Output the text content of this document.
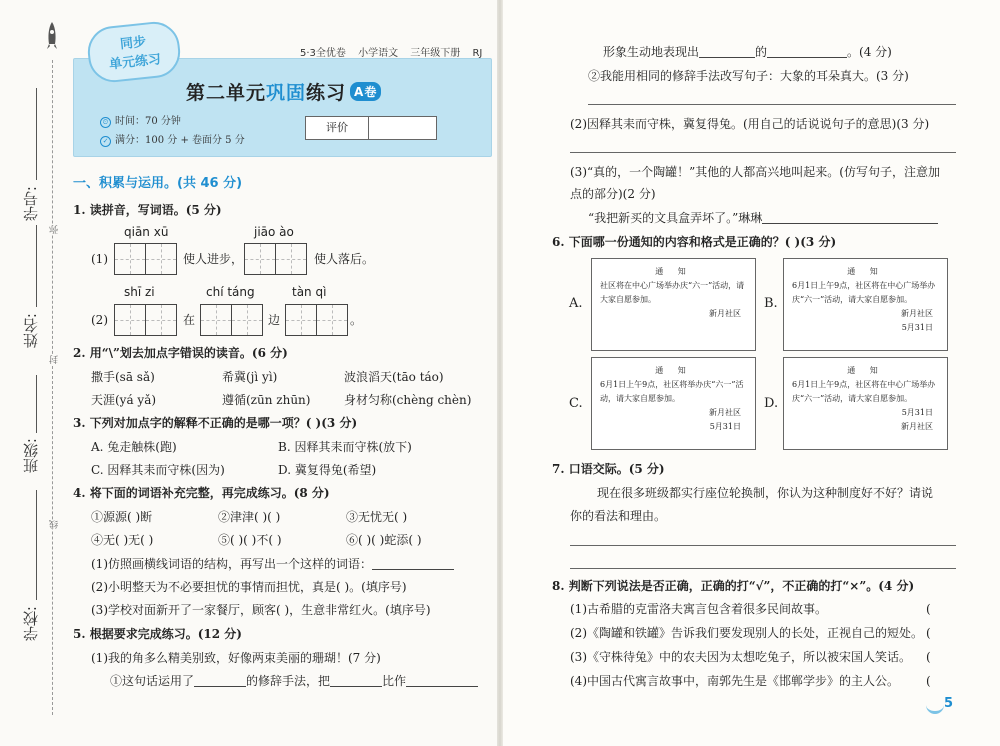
弥
封
线
学号:
姓名:
班级:
学校:
同步
单元练习	5·3全优卷 小学语文 三年级下册 RJ
第二单元巩固练习 A卷
⏲ 时间：70 分钟
✓ 满分：100 分 + 卷面分 5 分
评价
一、积累与运用。(共 46 分)
1. 读拼音，写词语。(5 分)
qiān xū	jiāo ào
(1)	使人进步，	使人落后。
shī zi	chí táng	tàn qì
(2)	在	边	。
2. 用“\”划去加点字错误的读音。(6 分)
撒手(sā sǎ)	希冀(jì yì)	波浪滔天(tāo táo)
天涯(yá yǎ)	遵循(zūn zhūn)	身材匀称(chèng chèn)
3. 下列对加点字的解释不正确的是哪一项？( )(3 分)
A. 兔走触株(跑)	B. 因释其耒而守株(放下)
C. 因释其耒而守株(因为)	D. 冀复得兔(希望)
4. 将下面的词语补充完整，再完成练习。(8 分)
①源源( )断	②津津( )( )	③无忧无( )
④无( )无( )	⑤( )( )不( )	⑥( )( )蛇添( )
(1)仿照画横线词语的结构，再写出一个这样的词语：
(2)小明整天为不必要担忧的事情而担忧，真是( )。(填序号)
(3)学校对面新开了一家餐厅，顾客( )，生意非常红火。(填序号)
5. 根据要求完成练习。(12 分)
(1)我的角多么精美别致，好像两束美丽的珊瑚！(7 分)
①这句话运用了	的修辞手法，把	比作
形象生动地表现出	的	。(4 分)
②我能用相同的修辞手法改写句子：大象的耳朵真大。(3 分)
(2)因释其耒而守株，冀复得兔。(用自己的话说说句子的意思)(3 分)
(3)“真的，一个陶罐！”其他的人都高兴地叫起来。(仿写句子，注意加
点的部分)(2 分)
“我把新买的文具盒弄坏了。”琳琳
6. 下面哪一份通知的内容和格式是正确的？( )(3 分)
A.
通 知
社区将在中心广场举办庆“六一”活动，请大家自愿参加。
新月社区
B.
通 知
6月1日上午9点，社区将在中心广场举办庆“六一”活动，请大家自愿参加。
新月社区
5月31日
C.
通 知
6月1日上午9点，社区将举办庆“六一”活动，请大家自愿参加。
新月社区
5月31日
D.
通 知
6月1日上午9点，社区将在中心广场举办庆“六一”活动，请大家自愿参加。
5月31日
新月社区
7. 口语交际。(5 分)
现在很多班级都实行座位轮换制，你认为这种制度好不好？请说
你的看法和理由。
8. 判断下列说法是否正确，正确的打“√”，不正确的打“×”。(4 分)
(1)古希腊的克雷洛夫寓言包含着很多民间故事。	(
(2)《陶罐和铁罐》告诉我们要发现别人的长处，正视自己的短处。 (
(3)《守株待兔》中的农夫因为太想吃兔子，所以被宋国人笑话。 (
(4)中国古代寓言故事中，南郭先生是《邯郸学步》的主人公。 (
5
